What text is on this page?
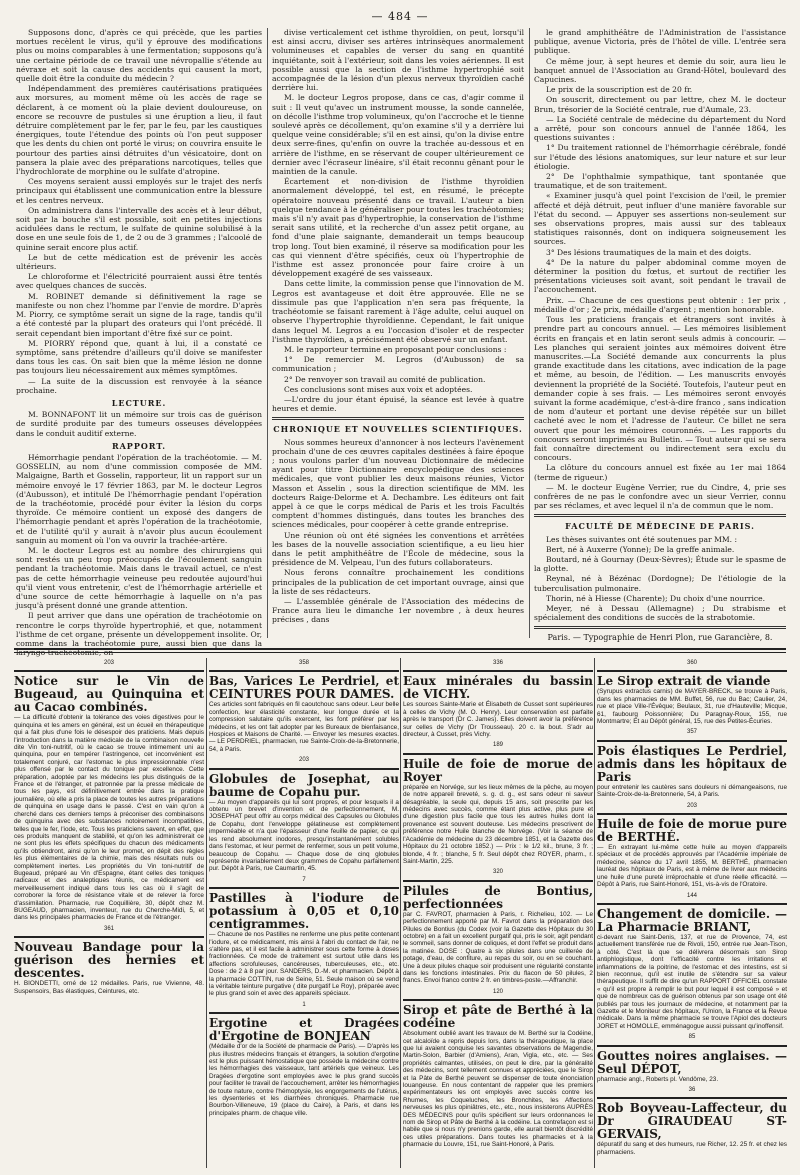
— 484 —

Supposons donc, d'après ce qui précède, que les parties mortues recèlent le virus, qu'il y éprouve des modifications plus ou moins comparables à une fermentation; supposons qu'à une certaine période de ce travail une névropallie s'étende au névraxe et soit la cause des accidents qui causent la mort, quelle doit être la conduite du médecin ?

Indépendamment des premières cautérisations pratiquées aux morsures, au moment même où les accès de rage se déclarent, à ce moment où la plaie devient douloureuse, on encore se recouvre de pustules si une éruption a lieu, il faut détruire complètement par le fer, par le feu, par les caustiques énergiques, toute l'étendue des points où l'on peut supposer que les dents du chien ont porté le virus; on couvrira ensuite le pourtour des parties ainsi détruites d'un vésicatoire, dont on pansera la plaie avec des préparations narcotiques, telles que l'hydrochlorate de morphine ou le sulfate d'atropine.

Ces moyens seraient aussi employés sur le trajet des nerfs principaux qui établissent une communication entre la blessure et les centres nerveux.

On administrera dans l'intervalle des accès et à leur début, soit par la bouche s'il est possible, soit en petites injections acidulées dans le rectum, le sulfate de quinine solubilisé à la dose en une seule fois de 1, de 2 ou de 3 grammes ; l'alcoolé de quinine serait encore plus actif.

Le but de cette médication est de prévenir les accès ultérieurs.

Le chloroforme et l'électricité pourraient aussi être tentés avec quelques chances de succès.

M. ROBINET demande si définitivement la rage se manifeste ou non chez l'homme par l'envie de mordre. D'après M. Piorry, ce symptôme serait un signe de la rage, tandis qu'il a été contesté par la plupart des orateurs qui l'ont précédé. Il serait cependant bien important d'être fixé sur ce point.

M. PIORRY répond que, quant à lui, il a constaté ce symptôme, sans prétendre d'ailleurs qu'il doive se manifester dans tous les cas. On sait bien que la même lésion ne donne pas toujours lieu nécessairement aux mêmes symptômes.

— La suite de la discussion est renvoyée à la séance prochaine.

LECTURE.

M. BONNAFONT lit un mémoire sur trois cas de guérison de surdité produite par des tumeurs osseuses développées dans le conduit auditif externe.

RAPPORT.

Hémorrhagie pendant l'opération de la trachéotomie. — M. GOSSELIN, au nom d'une commission composée de MM. Malgaigne, Barth et Gosselin, rapporteur, lit un rapport sur un mémoire envoyé le 17 février 1863, par M. le docteur Legros (d'Aubusson), et intitulé De l'hémorrhagie pendant l'opération de la trachéotomie, procédé pour éviter la lésion du corps thyroïde. Ce mémoire contient un exposé des dangers de l'hémorrhagie pendant et après l'opération de la trachéotomie, et de l'utilité qu'il y aurait à n'avoir plus aucun écoulement sanguin au moment où l'on va ouvrir la trachée-artère.

M. le docteur Legros est au nombre des chirurgiens qui sont restés un peu trop préoccupés de l'écoulement sanguin pendant la trachéotomie. Mais dans le travail actuel, ce n'est pas de cette hémorrhagie veineuse peu redoutée aujourd'hui qu'il vient vous entretenir, c'est de l'hémorrhagie artérielle et d'une source de cette hémorrhagie à laquelle on n'a pas jusqu'à présent donné une grande attention.

Il peut arriver que dans une opération de trachéotomie on rencontre le corps thyroïde hypertrophié, et que, notamment l'isthme de cet organe, présente un développement insolite. Or, comme dans la trachéotomie pure, aussi bien que dans la laryngo-trachéotomie, on

divise verticalement cet isthme thyroïdien, on peut, lorsqu'il est ainsi accru, diviser ses artères intrinsèques anormalement volumineuses et capables de verser du sang en quantité inquiétante, soit à l'extérieur, soit dans les voies aériennes. Il est possible aussi que la section de l'isthme hypertrophié soit accompagnée de la lésion d'un plexus nerveux thyroïdien caché derrière lui.

M. le docteur Legros propose, dans ce cas, d'agir comme il suit : Il veut qu'avec un instrument mousse, la sonde cannelée, on décolle l'isthme trop volumineux, qu'on l'accroche et le tienne soulevé après ce décollement, qu'on examine s'il y a derrière lui quelque veine considérable; s'il en est ainsi, qu'on la divise entre deux serre-fines, qu'enfin on ouvre la trachée au-dessous et en arrière de l'isthme, en se réservant de couper ultérieurement ce dernier avec l'écraseur linéaire, s'il était reconnu gênant pour le maintien de la canule.

Écartement et non-division de l'isthme thyroïdien anormalement développé, tel est, en résumé, le précepte opératoire nouveau présenté dans ce travail. L'auteur a bien quelque tendance à le généraliser pour toutes les trachéotomies; mais s'il n'y avait pas d'hypertrophie, la conservation de l'isthme serait sans utilité, et la recherche d'un assez petit organe, au fond d'une plaie saignante, demanderait un temps beaucoup trop long. Tout bien examiné, il réserve sa modification pour les cas qui viennent d'être spécifiés, ceux où l'hypertrophie de l'isthme est assez prononcée pour faire croire à un développement exagéré de ses vaisseaux.

Dans cette limite, la commission pense que l'innovation de M. Legros est avantageuse et doit être approuvée. Elle ne se dissimule pas que l'application n'en sera pas fréquente, la trachéotomie se faisant rarement à l'âge adulte, celui auquel on observe l'hypertrophie thyroïdienne. Cependant, le fait unique dans lequel M. Legros a eu l'occasion d'isoler et de respecter l'isthme thyroïdien, a précisément été observé sur un enfant.

M. le rapporteur termine en proposant pour conclusions :

1° De remercier M. Legros (d'Aubusson) de sa communication ;

2° De renvoyer son travail au comité de publication.

Ces conclusions sont mises aux voix et adoptées.

—L'ordre du jour étant épuisé, la séance est levée à quatre heures et demie.

CHRONIQUE ET NOUVELLES SCIENTIFIQUES.

Nous sommes heureux d'annoncer à nos lecteurs l'avènement prochain d'une de ces œuvres capitales destinées à faire époque ; nous voulons parler d'un nouveau Dictionnaire de médecine ayant pour titre Dictionnaire encyclopédique des sciences médicales, que vont publier les deux maisons réunies, Victor Masson et Asselin , sous la direction scientifique de MM. les docteurs Raige-Delorme et A. Dechambre. Les éditeurs ont fait appel à ce que le corps médical de Paris et les trois Facultés comptent d'hommes distingués, dans toutes les branches des sciences médicales, pour coopérer à cette grande entreprise.

Une réunion où ont été signées les conventions et arrêtées les bases de la nouvelle association scientifique, a eu lieu hier dans le petit amphithéâtre de l'École de médecine, sous la présidence de M. Velpeau, l'un des futurs collaborateurs.

Nous ferons connaître prochainement les conditions principales de la publication de cet important ouvrage, ainsi que la liste de ses rédacteurs.

— L'assemblée générale de l'Association des médecins de France aura lieu le dimanche 1er novembre , à deux heures précises , dans

le grand amphithéâtre de l'Administration de l'assistance publique, avenue Victoria, près de l'hôtel de ville. L'entrée sera publique.

Ce même jour, à sept heures et demie du soir, aura lieu le banquet annuel de l'Association au Grand-Hôtel, boulevard des Capucines.

Le prix de la souscription est de 20 fr.

On souscrit, directement ou par lettre, chez M. le docteur Brun, trésorier de la Société centrale, rue d'Aumale, 23.

— La Société centrale de médecine du département du Nord a arrêté, pour son concours annuel de l'année 1864, les questions suivantes :

1° Du traitement rationnel de l'hémorrhagie cérébrale, fondé sur l'étude des lésions anatomiques, sur leur nature et sur leur étiologie.

2° De l'ophthalmie sympathique, tant spontanée que traumatique, et de son traitement.

« Examiner jusqu'à quel point l'excision de l'œil, le premier affecté et déjà détruit, peut influer d'une manière favorable sur l'état du second. — Appuyer ses assertions non-seulement sur ses observations propres, mais aussi sur des tableaux statistiques raisonnés, dont on indiquera soigneusement les sources.

3° Des lésions traumatiques de la main et des doigts.

4° De la nature du palper abdominal comme moyen de déterminer la position du fœtus, et surtout de rectifier les présentations vicieuses soit avant, soit pendant le travail de l'accouchement.

Prix. — Chacune de ces questions peut obtenir : 1er prix , médaille d'or ; 2e prix, médaille d'argent ; mention honorable.

Tous les praticiens français et étrangers sont invités à prendre part au concours annuel. — Les mémoires lisiblement écrits en français et en latin seront seuls admis à concourir. — Les planches qui seraient jointes aux mémoires doivent être manuscrites.—La Société demande aux concurrents la plus grande exactitude dans les citations, avec indication de la page et même, au besoin, de l'édition. — Les manuscrits envoyés deviennent la propriété de la Société. Toutefois, l'auteur peut en demander copie à ses frais. — Les mémoires seront envoyés suivant la forme académique, c'est-à-dire franco , sans indication de nom d'auteur et portant une devise répétée sur un billet cacheté avec le nom et l'adresse de l'auteur. Ce billet ne sera ouvert que pour les mémoires couronnés. — Les rapports du concours seront imprimés au Bulletin. — Tout auteur qui se sera fait connaître directement ou indirectement sera exclu du concours.

La clôture du concours annuel est fixée au 1er mai 1864 (terme de rigueur.)

— M. le docteur Eugène Verrier, rue du Cindre, 4, prie ses confrères de ne pas le confondre avec un sieur Verrier, connu par ses réclames, et avec lequel il n'a de commun que le nom.

FACULTÉ DE MÉDECINE DE PARIS.

Les thèses suivantes ont été soutenues par MM. :

Bert, né à Auxerre (Yonne); De la greffe animale.

Boutard, né à Gournay (Deux-Sèvres); Étude sur le spasme de la glotte.

Reynal, né à Bézénac (Dordogne); De l'étiologie de la tuberculisation pulmonaire.

Thorin, né à Hiesse (Charente); Du choix d'une nourrice.

Meyer, né à Dessau (Allemagne) ; Du strabisme et spécialement des conditions de succès de la strabotomie.

Paris. — Typographie de Henri Plon, rue Garancière, 8.
203
Notice sur le Vin de Bugeaud, au Quinquina et au Cacao combinés.

— La difficulté d'obtenir la tolérance des voies digestives pour le quinquina et les amers en général, est un écueil en thérapeutique qui a fait plus d'une fois le désespoir des praticiens. Mais depuis l'introduction dans la matière médicale de la combinaison nouvelle dite Vin toni-nutritif, où le cacao se trouve intimement uni au quinquina, pour en tempérer l'astringence, cet inconvénient est totalement conjuré, car l'estomac le plus impressionnable n'est plus offensé par le contact du tonique par excellence. Cette préparation, adoptée par les médecins les plus distingués de la France et de l'étranger, et patronnée par la presse médicale de tous les pays, est définitivement entrée dans la pratique journalière, où elle a pris la place de toutes les autres préparations de quinquina en usage dans le passé. C'est en vain qu'on a cherché dans ces derniers temps à préconiser des combinaisons de quinquina avec des substances notoirement incompatibles, telles que le fer, l'iode, etc. Tous les praticiens savent, en effet, que ces produits manquent de stabilité, et qu'on les administrerait ce ne sont plus les effets spécifiques du chacun des médicaments qu'ils obtiendront, ainsi qu'on le leur promet, en dépit des règles les plus élémentaires de la chimie, mais des résultats nuls ou complètement inertes. Les propriétés du Vin toni-nutritif de Bugeaud, préparé au Vin d'Espagne, étant celles des toniques radicaux et des analeptiques réunis, ce médicament est merveilleusement indiqué dans tous les cas où il s'agit de corroborer la force de résistance vitale et de relever la force d'assimilation. Pharmacie, rue Coquillière, 30, dépôt chez M. BUGEAUD, pharmacien, inventeur, rue du Cherche-Midi, 5, et dans les principales pharmacies de France et de l'étranger.

361
Nouveau Bandage pour la guérison des hernies et descentes.

H. BIONDETTI, orné de 12 médailles. Paris, rue Vivienne, 48. Suspensoirs, Bas élastiques, Ceintures, etc.

358
Bas, Varices Le Perdriel, et CEINTURES POUR DAMES.

Ces articles sont fabriqués en fil caoutchouc sans odeur. Leur belle confection, leur élasticité constante, leur longue durée et la compression salutaire qu'ils exercent, les font préférer par les médecins, et les ont fait adopter par les Bureaux de bienfaisance, Hospices et Maisons de Charité. — Envoyer les mesures exactes. — LE PERDRIEL, pharmacien, rue Sainte-Croix-de-la-Bretonnerie, 54, à Paris.

203
Globules de Josephat, au baume de Copahu pur.

— Au moyen d'appareils qui lui sont propres, et pour lesquels il a obtenu un brevet d'invention et de perfectionnement, M. JOSEPHAT peut offrir au corps médical des Capsules ou Globules de Copahu, dont l'enveloppe gélatineuse est complètement imperméable et n'a que l'épaisseur d'une feuille de papier, ce qui les rend absolument inodores, presqu'instantanément solubles dans l'estomac, et leur permet de renfermer, sous un petit volume, beaucoup de Copahu. — Chaque dose de cinq globules représente invariablement deux grammes de Copahu parfaitement pur. Dépôt à Paris, rue Caumartin, 45.

7
Pastilles à l'iodure de potassium à 0,05 et 0,10 centigrammes.

— Chacune de nos Pastilles ne renferme une plus petite contenant l'iodure, et ce médicament, mis ainsi à l'abri du contact de l'air, ne s'altère pas, et il est facile à administrer sous cette forme à doses fractionnées. Ce mode de traitement est surtout utile dans les affections scrofuleuses, cancéreuses, tuberculeuses, etc., etc. Dose : de 2 à 8 par jour. SANDERS, D.-M. et pharmacien. Dépôt à la pharmacie COTTIN, rue de Seine, 51. Seule maison où se vend la véritable teinture purgative ( dite purgatif Le Roy), préparée avec le plus grand soin et avec des appareils spéciaux.

1
Ergotine et Dragées d'Ergotine de BONJEAN

(Médaille d'or de la Société de pharmacie de Paris). — D'après les plus illustres médecins français et étrangers, la solution d'ergotine est le plus puissant hémostatique que possède la médecine contre les hémorrhagies des vaisseaux, tant artériels que veineux. Les Dragées d'ergotine sont employées avec le plus grand succès pour faciliter le travail de l'accouchement, arrêter les hémorrhagies de toute nature, contre l'hémoptysie, les engorgements de l'utérus, les dysenteries et les diarrhées chroniques. Pharmacie rue Bourbon-Villeneuve, 19 (place du Caire), à Paris, et dans les principales pharm. de chaque ville.

336
Eaux minérales du bassin de VICHY.

Les sources Sainte-Marie et Élisabeth de Cusset sont supérieures à celles de Vichy (M. O. Henry). Leur conservation est parfaite après le transport (Dr C. James). Elles doivent avoir la préférence sur celles de Vichy (Dr Trousseau). 20 c. la bout. S'adr au directeur, à Cusset, près Vichy.

189
Huile de foie de morue de Royer

préparée en Norvége, sur les lieux mêmes de la pêche, au moyen de notre appareil breveté, s. g. d. g., est sans odeur ni saveur désagréable, la seule qui, depuis 15 ans, soit prescrite par les médecins avec succès, comme étant plus active, plus pure et d'une digestion plus facile que tous les autres huiles dont la provenance est souvent douteuse. Les médecins prescrivent de préférence notre Huile blanche de Norvége. (Voir la séance de l'Académie de médecine du 23 décembre 1851, et la Gazette des Hôpitaux du 21 octobre 1852.) — Prix : le 1/2 kil., brune, 3 fr. ; blonde, 4 fr. ; blanche, 5 fr. Seul dépôt chez ROYER, pharm., r. Saint-Martin, 225.

320
Pilules de Bontius, perfectionnées

par C. FAVROT, pharmacien à Paris, r. Richelieu, 102. — Le perfectionnement apporté par M. Favrot dans la préparation des Pilules de Bontius (du Codex (voir la Gazette des Hôpitaux du 30 octobre) en a fait un excellent purgatif qui, pris le soir, agit pendant le sommeil, sans donner de coliques, et dont l'effet se produit dans la matinée. DOSE : Quatre à six pilules dans une cuillerée de potage, d'eau, de confiture, au repas du soir, ou en se couchant. Une à deux pilules chaque soir produisent une régularité constante dans les fonctions intestinales. Prix du flacon de 50 pilules, 2 francs. Envoi franco contre 2 fr. en timbres-poste.—Affranchir.

120
Sirop et pâte de Berthé à la codéine

Absolument oublié avant les travaux de M. Berthé sur la Codéine, cet alcaloïde a repris depuis lors, dans la thérapeutique, la place que lui avaient conquise les savantes observations de Magendie, Martin-Solon, Barbier (d'Amiens), Aran, Vigla, etc., etc. — Ses propriétés calmantes, utilisées, on peut le dire, par la généralité des médecins, sont tellement connues et appréciées, que le Sirop et la Pâte de Berthé peuvent se dispenser de toute énonciation louangeuse. En nous contentant de rappeler que les premiers expérimentateurs les ont employés avec succès contre les Rhumes, les Coqueluches, les Bronchites, les Affections nerveuses les plus opiniâtres, etc., etc., nous insisterons AUPRÈS DES MÉDECINS pour qu'ils spécifient sur leurs ordonnances le nom de Sirop et Pâte de Berthé à la codéine. La contrefaçon est si habile que si nous n'y prenions garde, elle aurait bientôt discrédité ces utiles préparations. Dans toutes les pharmacies et à la pharmacie du Louvre, 151, rue Saint-Honoré, à Paris.

360
Le Sirop extrait de viande

(Syrupus extractus carnis) de MAYER-BRECK, se trouve à Paris, dans les pharmacies de MM. Buffet, 56, rue du Bac; Caulier, 24, rue et place Ville-l'Évêque; Beulaux, 31, rue d'Hauteville; Micque, 61, faubourg Poissonnière; Du Paragnay-Roux, 155, rue Montmartre; Et au Dépôt général, 15, rue des Petites-Écuries.

357
Pois élastiques Le Perdriel, admis dans les hôpitaux de Paris

pour entretenir les cautères sans douleurs ni démangeaisons, rue Sainte-Croix-de-la-Bretonnerie, 54, à Paris.

203
Huile de foie de morue pure de BERTHÉ.

— En extrayant lui-même cette huile au moyen d'appareils spéciaux et de procédés approuvés par l'Académie impériale de médecine, séance du 17 avril 1855, M. BERTHÉ, pharmacien lauréat des hôpitaux de Paris, est à même de livrer aux médecins une huile d'une pureté irréprochable et d'une réelle efficacité. — Dépôt à Paris, rue Saint-Honoré, 151, vis-à-vis de l'Oratoire.

144
Changement de domicile. — La Pharmacie BRIANT,

ci-devant rue Saint-Denis, 137, et rue de Provence, 74, est actuellement transférée rue de Rivoli, 150, entrée rue Jean-Tison, à côté. C'est là que se délivrera désormais son Sirop antiphlogistique, dont l'efficacité contre les irritations et inflammations de la poitrine, de l'estomac et des intestins, est si bien reconnue, qu'il est inutile de s'étendre sur sa valeur thérapeutique. Il suffit de dire qu'un RAPPORT OFFICIEL constate « qu'il est propre à remplir le but pour lequel il est composé » et que de nombreux cas de guérison obtenus par son usage ont été publiés par tous les journaux de médecine, et notamment par la Gazette et le Moniteur des hôpitaux, l'Union, la France et la Revue médicale. Dans la même pharmacie se trouve l'Apiol des docteurs JORET et HOMOLLE, emménagogue aussi puissant qu'inoffensif.

85
Gouttes noires anglaises. — Seul DÉPOT,

pharmacie angl., Roberts pl. Vendôme, 23.

36
Rob Boyveau-Laffecteur, du Dr GIRAUDEAU ST-GERVAIS,

dépuratif du sang et des humeurs, rue Richer, 12. 25 fr. et chez les pharmaciens.
